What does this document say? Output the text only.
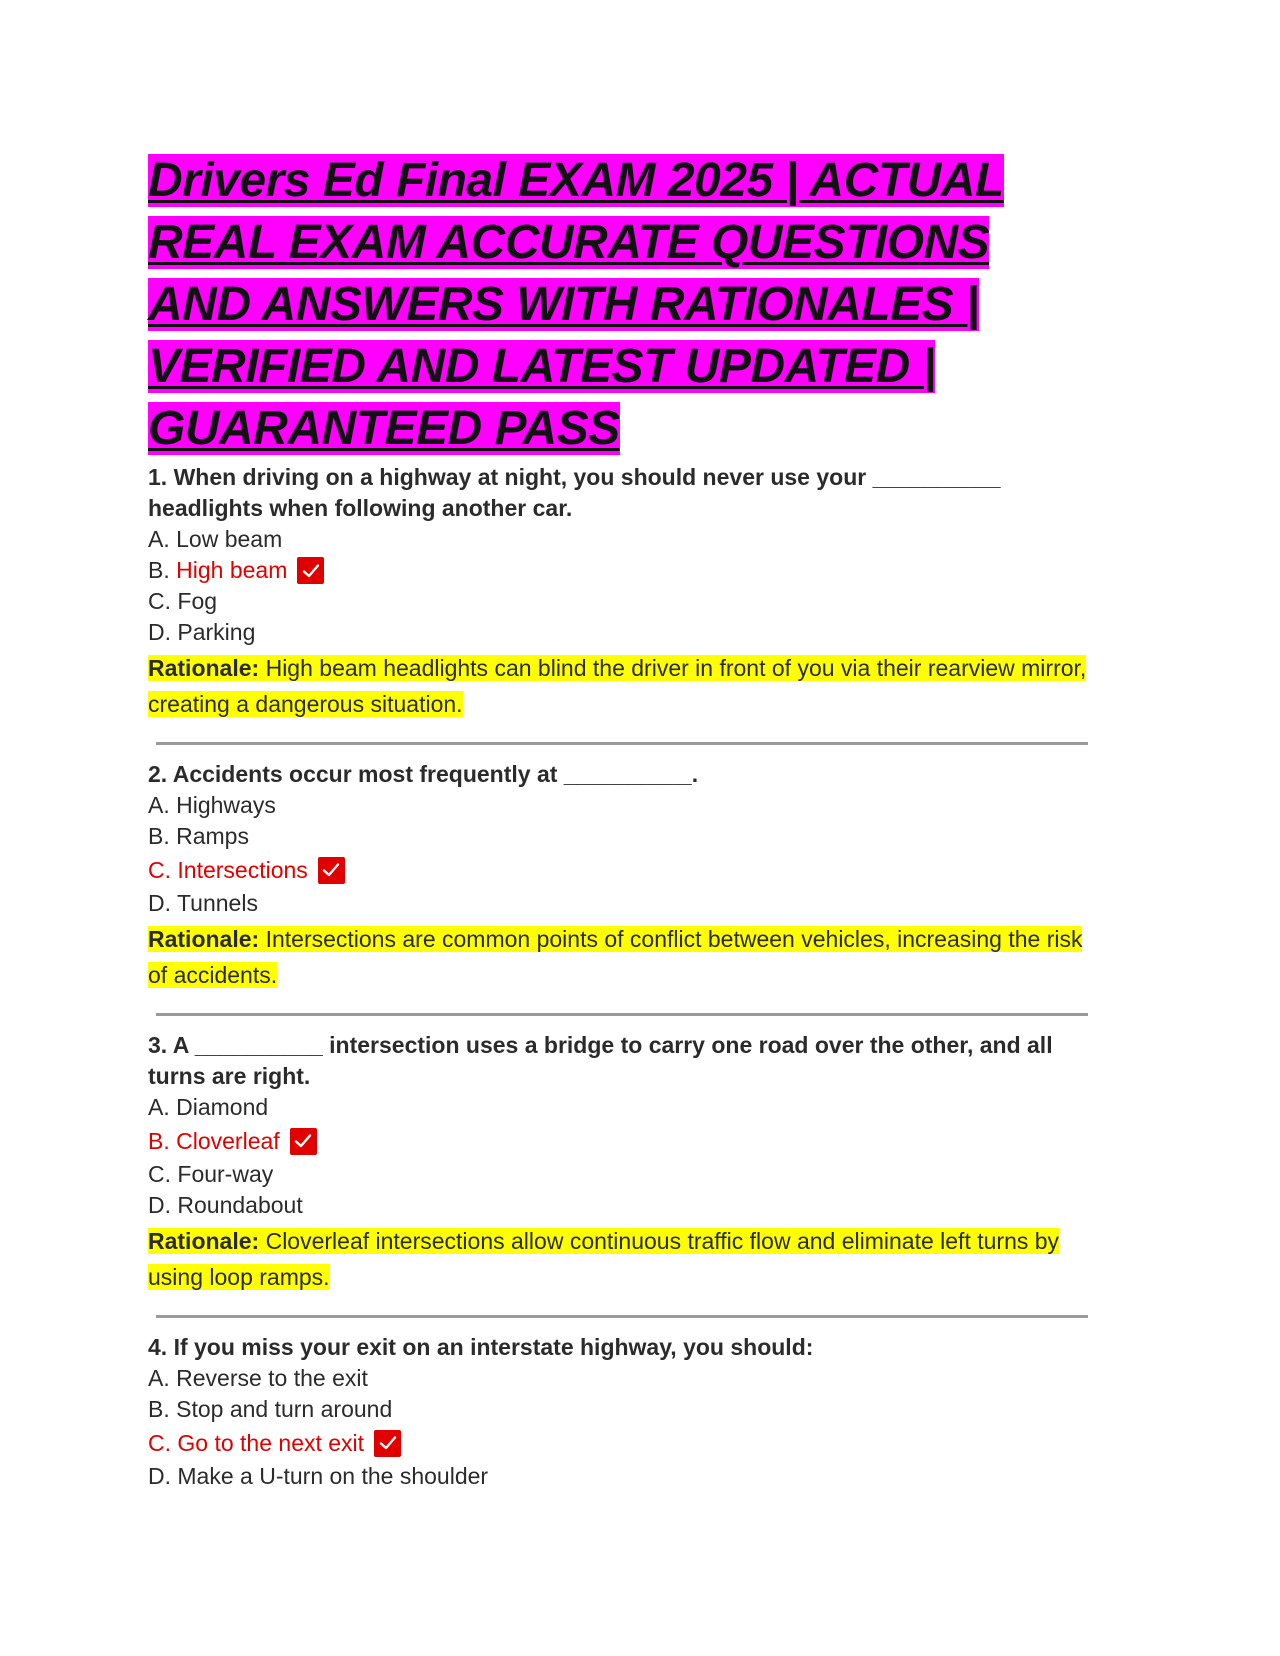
Drivers Ed Final EXAM 2025 | ACTUAL
REAL EXAM ACCURATE QUESTIONS
AND ANSWERS WITH RATIONALES |
VERIFIED AND LATEST UPDATED |
GUARANTEED PASS

1. When driving on a highway at night, you should never use your __________ headlights when following another car.

A. Low beam

B.
High beam

C. Fog

D. Parking

Rationale: High beam headlights can blind the driver in front of you via their rearview mirror, creating a dangerous situation.

2. Accidents occur most frequently at __________.

A. Highways

B. Ramps

C. Intersections

D. Tunnels

Rationale: Intersections are common points of conflict between vehicles, increasing the risk of accidents.

3. A __________ intersection uses a bridge to carry one road over the other, and all turns are right.

A. Diamond

B. Cloverleaf

C. Four-way

D. Roundabout

Rationale: Cloverleaf intersections allow continuous traffic flow and eliminate left turns by using loop ramps.

4. If you miss your exit on an interstate highway, you should:

A. Reverse to the exit

B. Stop and turn around

C. Go to the next exit

D. Make a U-turn on the shoulder
